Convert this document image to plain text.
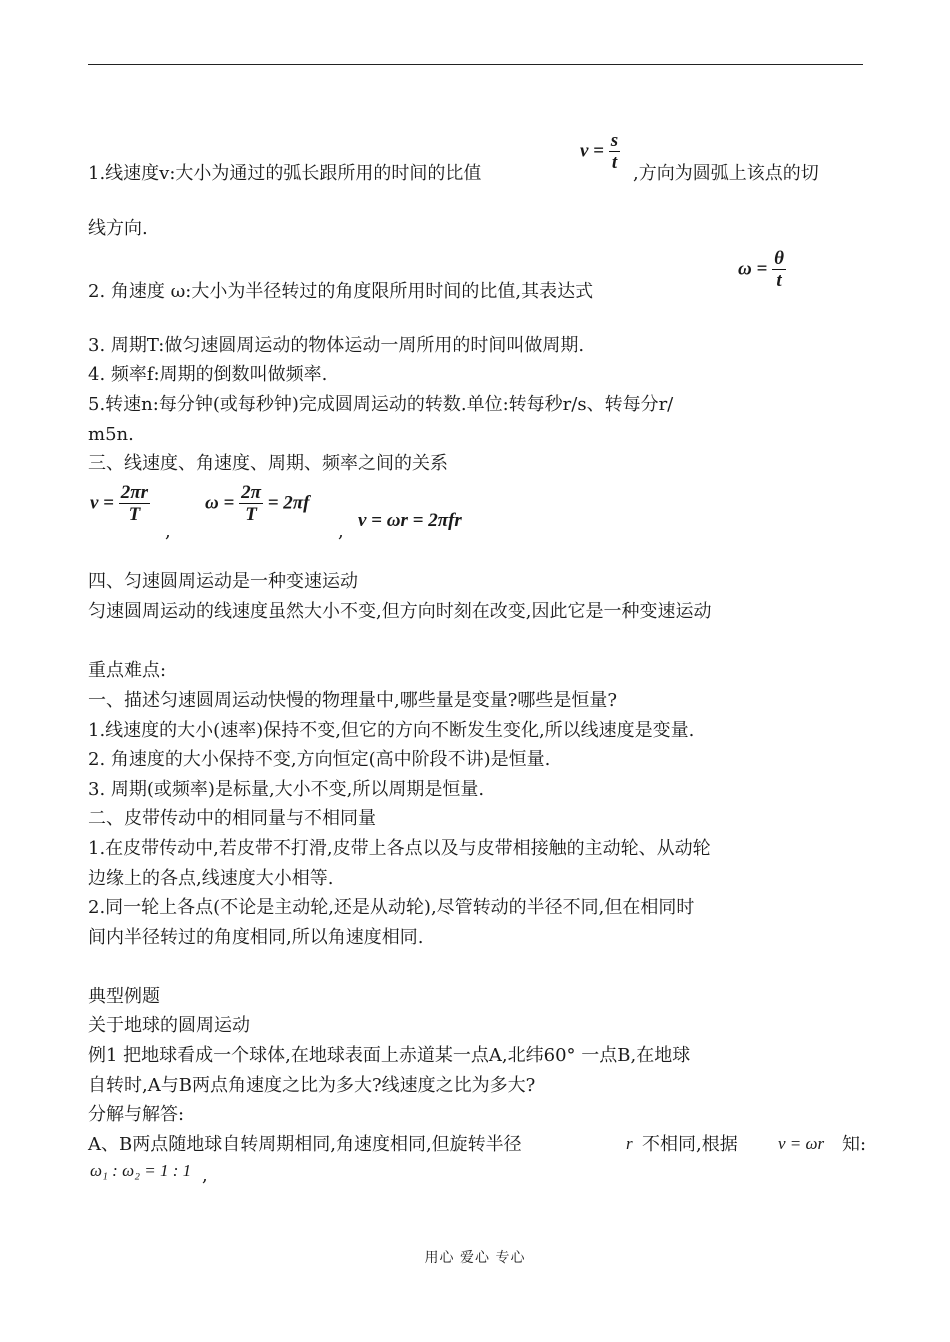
1.线速度v:大小为通过的弧长跟所用的时间的比值
$v = \frac{s}{t}$
,方向为圆弧上该点的切
线方向.
2. 角速度 ω:大小为半径转过的角度限所用时间的比值,其表达式
$\omega = \frac{\theta}{t}$
3. 周期T:做匀速圆周运动的物体运动一周所用的时间叫做周期.
4. 频率f:周期的倒数叫做频率.
5.转速n:每分钟(或每秒钟)完成圆周运动的转数.单位:转每秒r/s、转每分r/
m5n.
三、线速度、角速度、周期、频率之间的关系
$v = \frac{2\pi r}{T}$
,
$\omega = \frac{2\pi}{T} = 2\pi f$
,
v = ωr = 2πfr
四、匀速圆周运动是一种变速运动
匀速圆周运动的线速度虽然大小不变,但方向时刻在改变,因此它是一种变速运动
重点难点:
一、描述匀速圆周运动快慢的物理量中,哪些量是变量?哪些是恒量?
1.线速度的大小(速率)保持不变,但它的方向不断发生变化,所以线速度是变量.
2. 角速度的大小保持不变,方向恒定(高中阶段不讲)是恒量.
3. 周期(或频率)是标量,大小不变,所以周期是恒量.
二、皮带传动中的相同量与不相同量
1.在皮带传动中,若皮带不打滑,皮带上各点以及与皮带相接触的主动轮、从动轮
边缘上的各点,线速度大小相等.
2.同一轮上各点(不论是主动轮,还是从动轮),尽管转动的半径不同,但在相同时
间内半径转过的角度相同,所以角速度相同.
典型例题
关于地球的圆周运动
例1 把地球看成一个球体,在地球表面上赤道某一点A,北纬60° 一点B,在地球
自转时,A与B两点角速度之比为多大?线速度之比为多大?
分解与解答:
A、B两点随地球自转周期相同,角速度相同,但旋转半径	r 不相同,根据 v = ωr 知:
ω₁ : ω₂ = 1 : 1 ,
用心 爱心 专心
